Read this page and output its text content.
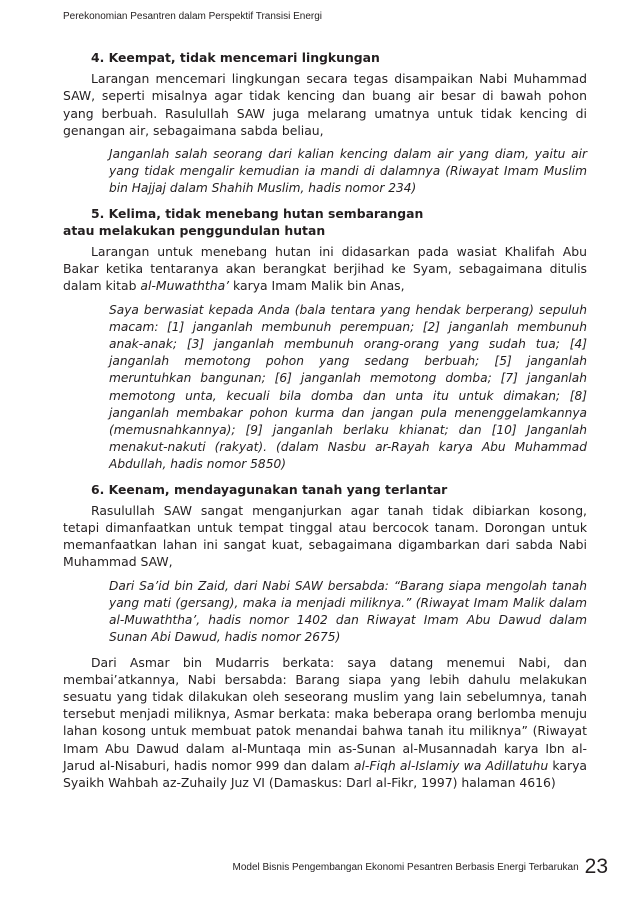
Perekonomian Pesantren dalam Perspektif Transisi Energi
4. Keempat, tidak mencemari lingkungan

Larangan mencemari lingkungan secara tegas disampaikan Nabi Muhammad SAW, seperti misalnya agar tidak kencing dan buang air besar di bawah pohon yang berbuah. Rasulullah SAW juga melarang umatnya untuk tidak kencing di genangan air, sebagaimana sabda beliau,

Janganlah salah seorang dari kalian kencing dalam air yang diam, yaitu air yang tidak mengalir kemudian ia mandi di dalamnya (Riwayat Imam Muslim bin Hajjaj dalam Shahih Muslim, hadis nomor 234)
5. Kelima, tidak menebang hutan sembarangan
atau melakukan penggundulan hutan

Larangan untuk menebang hutan ini didasarkan pada wasiat Khalifah Abu Bakar ketika tentaranya akan berangkat berjihad ke Syam, sebagaimana ditulis dalam kitab al-Muwaththa’ karya Imam Malik bin Anas,

Saya berwasiat kepada Anda (bala tentara yang hendak berperang) sepuluh macam: [1] janganlah membunuh perempuan; [2] janganlah membunuh anak-anak; [3] janganlah membunuh orang-orang yang sudah tua; [4] janganlah memotong pohon yang sedang berbuah; [5] janganlah meruntuhkan bangunan; [6] janganlah memotong domba; [7] janganlah memotong unta, kecuali bila domba dan unta itu untuk dimakan; [8] janganlah membakar pohon kurma dan jangan pula menenggelamkannya (memusnahkannya); [9] janganlah berlaku khianat; dan [10] Janganlah menakut-nakuti (rakyat). (dalam Nasbu ar-Rayah karya Abu Muhammad Abdullah, hadis nomor 5850)
6. Keenam, mendayagunakan tanah yang terlantar

Rasulullah SAW sangat menganjurkan agar tanah tidak dibiarkan kosong, tetapi dimanfaatkan untuk tempat tinggal atau bercocok tanam. Dorongan untuk memanfaatkan lahan ini sangat kuat, sebagaimana digambarkan dari sabda Nabi Muhammad SAW,

Dari Sa’id bin Zaid, dari Nabi SAW bersabda: “Barang siapa mengolah tanah yang mati (gersang), maka ia menjadi miliknya.” (Riwayat Imam Malik dalam al-Muwaththa’, hadis nomor 1402 dan Riwayat Imam Abu Dawud dalam Sunan Abi Dawud, hadis nomor 2675)

Dari Asmar bin Mudarris berkata: saya datang menemui Nabi, dan membai’atkannya, Nabi bersabda: Barang siapa yang lebih dahulu melakukan sesuatu yang tidak dilakukan oleh seseorang muslim yang lain sebelumnya, tanah tersebut menjadi miliknya, Asmar berkata: maka beberapa orang berlomba menuju lahan kosong untuk membuat patok menandai bahwa tanah itu miliknya” (Riwayat Imam Abu Dawud dalam al-Muntaqa min as-Sunan al-Musannadah karya Ibn al-Jarud al-Nisaburi, hadis nomor 999 dan dalam al-Fiqh al-Islamiy wa Adillatuhu karya Syaikh Wahbah az-Zuhaily Juz VI (Damaskus: Darl al-Fikr, 1997) halaman 4616)

Model Bisnis Pengembangan Ekonomi Pesantren Berbasis Energi Terbarukan 23
